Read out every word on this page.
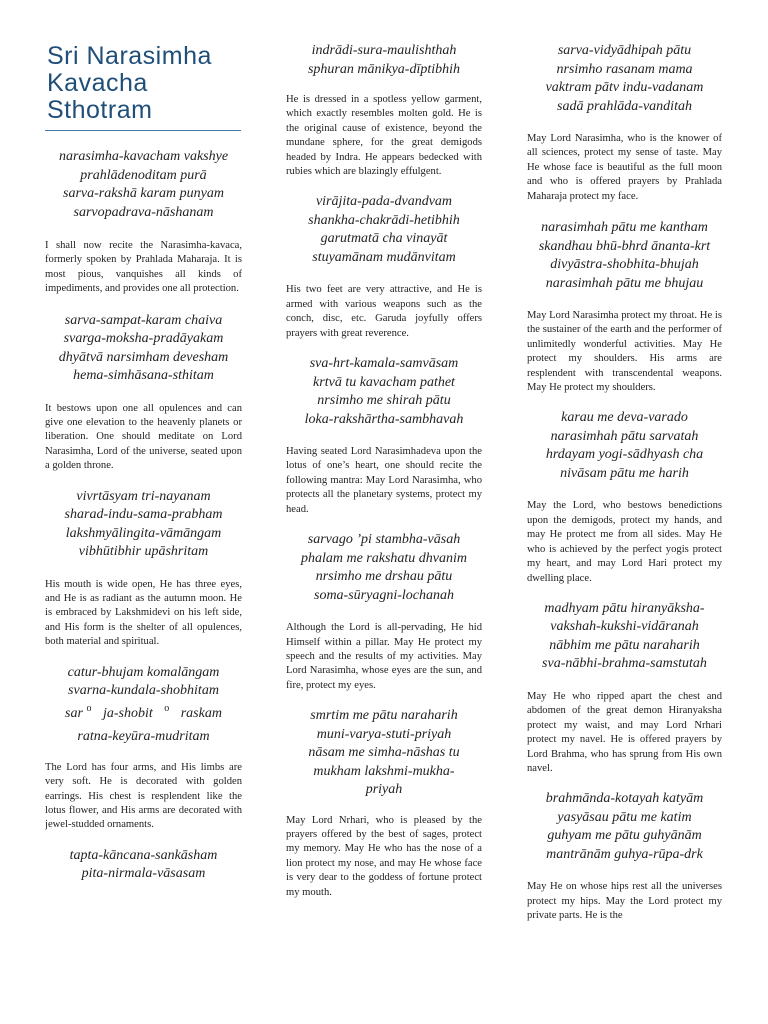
Sri Narasimha
Kavacha
Sthotram
narasimha-kavacham vakshye
prahlādenoditam purā
sarva-rakshā karam punyam
sarvopadrava-nāshanam

I shall now recite the Narasimha-kavaca, formerly spoken by Prahlada Maharaja. It is most pious, vanquishes all kinds of impediments, and provides one all protection.

sarva-sampat-karam chaiva
svarga-moksha-pradāyakam
dhyātvā narsimham devesham
hema-simhāsana-sthitam

It bestows upon one all opulences and can give one elevation to the heavenly planets or liberation. One should meditate on Lord Narasimha, Lord of the universe, seated upon a golden throne.

vivrtāsyam tri-nayanam
sharad-indu-sama-prabham
lakshmyālingita-vāmāngam
vibhūtibhir upāshritam

His mouth is wide open, He has three eyes, and He is as radiant as the autumn moon. He is embraced by Lakshmidevi on his left side, and His form is the shelter of all opulences, both material and spiritual.

catur-bhujam komalāngam
svarna-kundala-shobhitam
sar $^o$ ja-shobit $^o$ raskam
ratna-keyūra-mudritam

The Lord has four arms, and His limbs are very soft. He is decorated with golden earrings. His chest is resplendent like the lotus flower, and His arms are decorated with jewel-studded ornaments.

tapta-kāncana-sankāsham
pita-nirmala-vāsasam
indrādi-sura-maulishthah
sphuran mānikya-dīptibhih

He is dressed in a spotless yellow garment, which exactly resembles molten gold. He is the original cause of existence, beyond the mundane sphere, for the great demigods headed by Indra. He appears bedecked with rubies which are blazingly effulgent.

virājita-pada-dvandvam
shankha-chakrādi-hetibhih
garutmatā cha vinayāt
stuyamānam mudānvitam

His two feet are very attractive, and He is armed with various weapons such as the conch, disc, etc. Garuda joyfully offers prayers with great reverence.

sva-hrt-kamala-samvāsam
krtvā tu kavacham pathet
nrsimho me shirah pātu
loka-rakshārtha-sambhavah

Having seated Lord Narasimhadeva upon the lotus of one’s heart, one should recite the following mantra: May Lord Narasimha, who protects all the planetary systems, protect my head.

sarvago ’pi stambha-vāsah
phalam me rakshatu dhvanim
nrsimho me drshau pātu
soma-sūryagni-lochanah

Although the Lord is all-pervading, He hid Himself within a pillar. May He protect my speech and the results of my activities. May Lord Narasimha, whose eyes are the sun, and fire, protect my eyes.

smrtim me pātu naraharih
muni-varya-stuti-priyah
nāsam me simha-nāshas tu
mukham lakshmi-mukha-
priyah

May Lord Nrhari, who is pleased by the prayers offered by the best of sages, protect my memory. May He who has the nose of a lion protect my nose, and may He whose face is very dear to the goddess of fortune protect my mouth.

sarva-vidyādhipah pātu
nrsimho rasanam mama
vaktram pātv indu-vadanam
sadā prahlāda-vanditah

May Lord Narasimha, who is the knower of all sciences, protect my sense of taste. May He whose face is beautiful as the full moon and who is offered prayers by Prahlada Maharaja protect my face.

narasimhah pātu me kantham
skandhau bhū-bhrd ānanta-krt
divyāstra-shobhita-bhujah
narasimhah pātu me bhujau

May Lord Narasimha protect my throat. He is the sustainer of the earth and the performer of unlimitedly wonderful activities. May He protect my shoulders. His arms are resplendent with transcendental weapons. May He protect my shoulders.

karau me deva-varado
narasimhah pātu sarvatah
hrdayam yogi-sādhyash cha
nivāsam pātu me harih

May the Lord, who bestows benedictions upon the demigods, protect my hands, and may He protect me from all sides. May He who is achieved by the perfect yogis protect my heart, and may Lord Hari protect my dwelling place.

madhyam pātu hiranyāksha-
vakshah-kukshi-vidāranah
nābhim me pātu naraharih
sva-nābhi-brahma-samstutah

May He who ripped apart the chest and abdomen of the great demon Hiranyaksha protect my waist, and may Lord Nrhari protect my navel. He is offered prayers by Lord Brahma, who has sprung from His own navel.

brahmānda-kotayah katyām
yasyāsau pātu me katim
guhyam me pātu guhyānām
mantrānām guhya-rūpa-drk

May He on whose hips rest all the universes protect my hips. May the Lord protect my private parts. He is the
